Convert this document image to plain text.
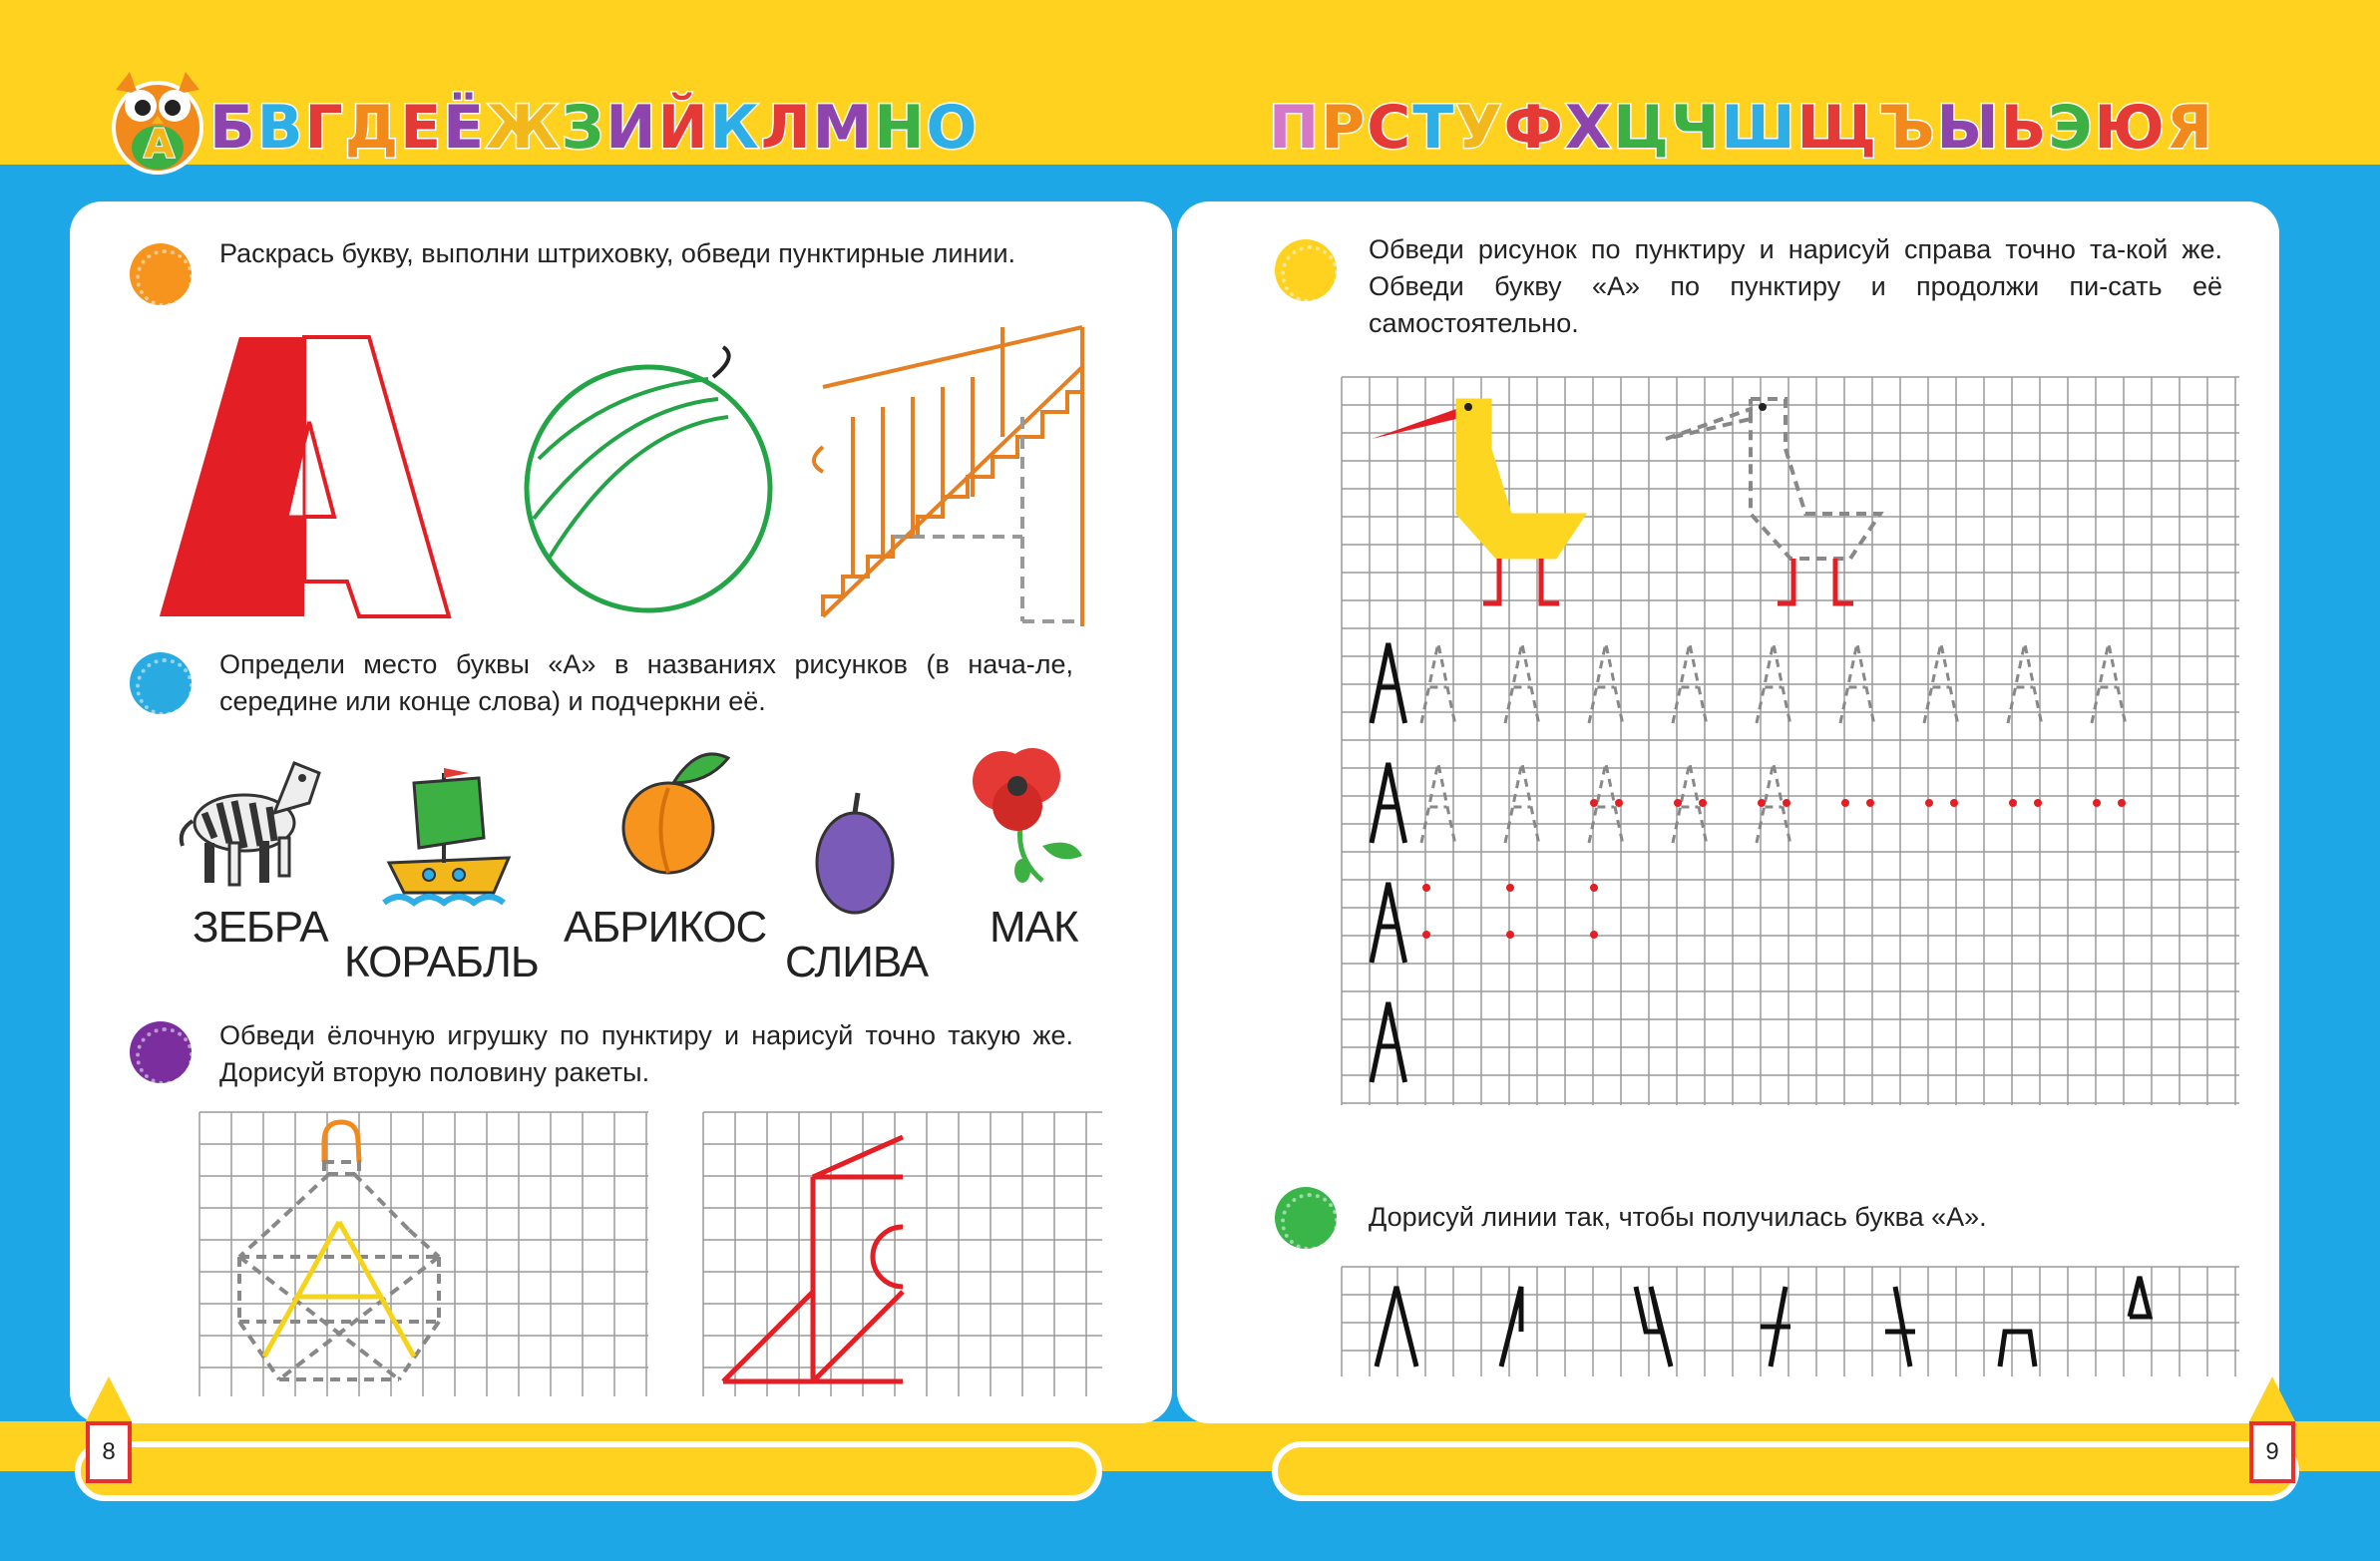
А Б В Г Д Е Ё Ж З И Й К Л М Н О	П Р С Т У Ф Х Ц Ч Ш Щ Ъ Ы Ь Э Ю Я
8	9
Раскрась букву, выполни штриховку, обведи пунктирные линии.
Определи место буквы «А» в названиях рисунков (в нача-ле, середине или конце слова) и подчеркни её.
ЗЕБРА
КОРАБЛЬ
АБРИКОС
СЛИВА
МАК
Обведи ёлочную игрушку по пунктиру и нарисуй точно такую же. Дорисуй вторую половину ракеты.
Обведи рисунок по пунктиру и нарисуй справа точно та-кой же. Обведи букву «А» по пунктиру и продолжи пи-сать её самостоятельно.
Дорисуй линии так, чтобы получилась буква «А».
